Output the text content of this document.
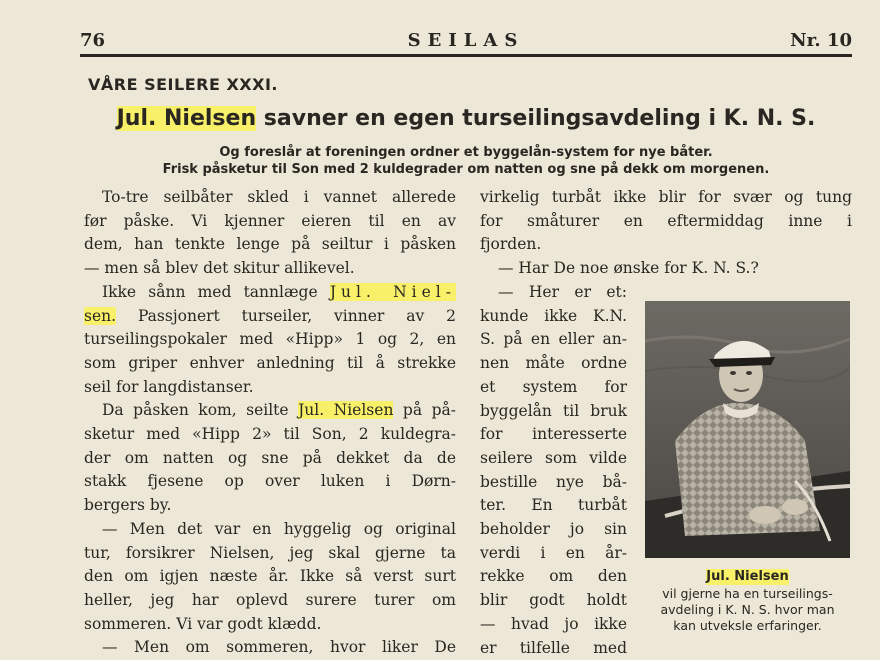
76	SEILAS	Nr. 10
VÅRE SEILERE XXXI.
Jul. Nielsen savner en egen turseilingsavdeling i K. N. S.
Og foreslår at foreningen ordner et byggelån-system for nye båter.
Frisk påsketur til Son med 2 kuldegrader om natten og sne på dekk om morgenen.
To-tre seilbåter skled i vannet allerede
før påske. Vi kjenner eieren til en av
dem, han tenkte lenge på seiltur i påsken
— men så blev det skitur allikevel.
Ikke sånn med tannlæge Jul. Niel-
sen. Passjonert turseiler, vinner av 2
turseilingspokaler med «Hipp» 1 og 2, en
som griper enhver anledning til å strekke
seil for langdistanser.
Da påsken kom, seilte Jul. Nielsen på på-
sketur med «Hipp 2» til Son, 2 kuldegra-
der om natten og sne på dekket da de
stakk fjesene op over luken i Dørn-
bergers by.
— Men det var en hyggelig og original
tur, forsikrer Nielsen, jeg skal gjerne ta
den om igjen næste år. Ikke så verst surt
heller, jeg har oplevd surere turer om
sommeren. Vi var godt klædd.
— Men om sommeren, hvor liker De
virkelig turbåt ikke blir for svær og tung
for småturer en eftermiddag inne i
fjorden.
— Har De noe ønske for K. N. S.?
— Her er et:
kunde ikke K.N.
S. på en eller an-
nen måte ordne
et system for
byggelån til bruk
for interesserte
seilere som vilde
bestille nye bå-
ter. En turbåt
beholder jo sin
verdi i en år-
rekke om den
blir godt holdt
— hvad jo ikke
er tilfelle med
Jul. Nielsen
vil gjerne ha en turseilings-
avdeling i K. N. S. hvor man
kan utveksle erfaringer.
